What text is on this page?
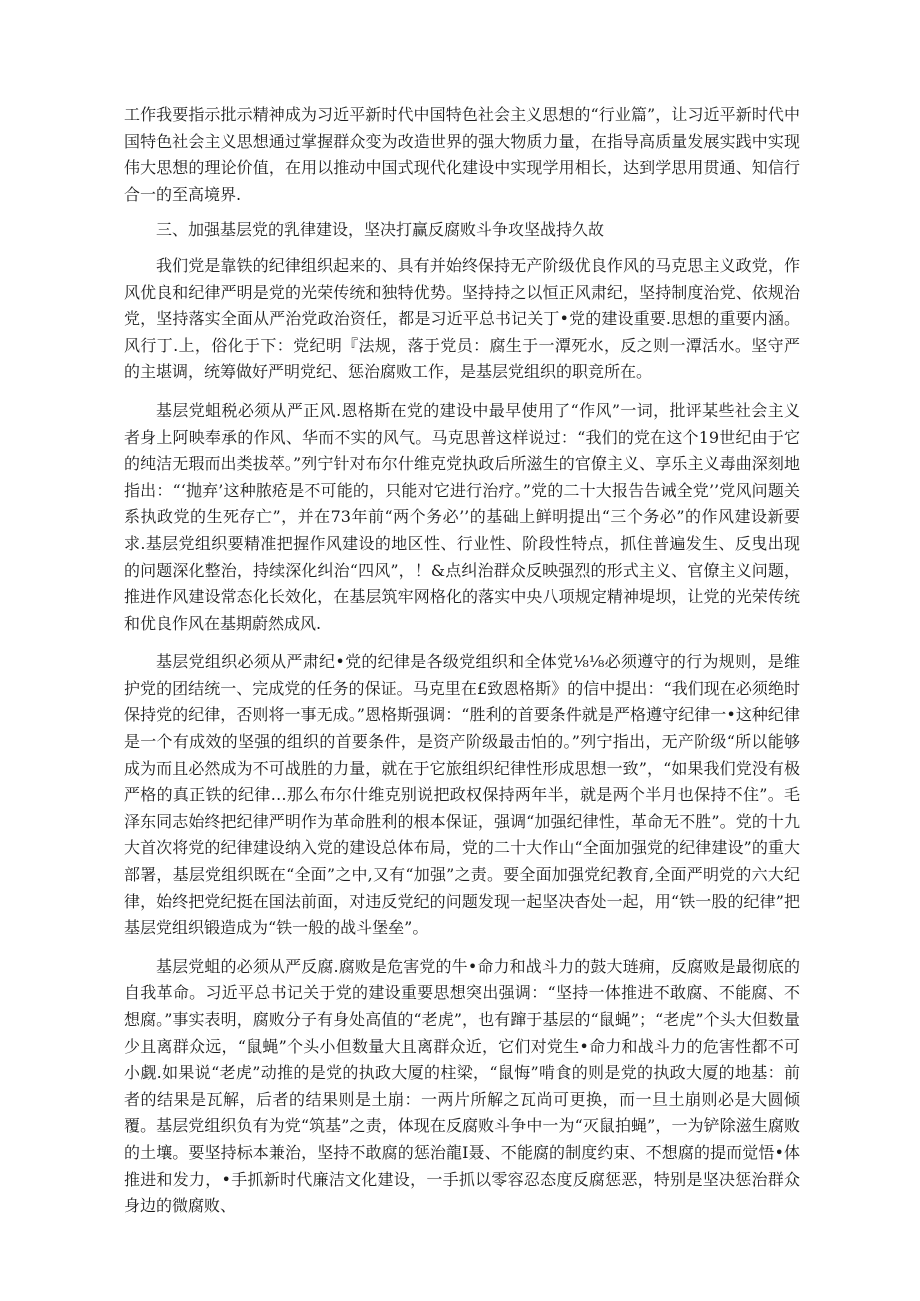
工作我要指示批示精神成为习近平新时代中国特色社会主义思想的“行业篇”，让习近平新时代中国特色社会主义思想通过掌握群众变为改造世界的强大物质力量，在指导高质量发展实践中实现伟大思想的理论价值，在用以推动中国式现代化建设中实现学用相长，达到学思用贯通、知信行合一的至高境界.

三、加强基层党的乳律建设，坚决打赢反腐败斗争攻坚战持久故

我们党是靠铁的纪律组织起来的、具有并始终保持无产阶级优良作风的马克思主义政党，作风优良和纪律严明是党的光荣传统和独特优势。坚持持之以恒正风肃纪，坚持制度治党、依规治党，坚持落实全面从严治党政治资任，都是习近平总书记关丁•党的建设重要.思想的重要内涵。风行丁.上，俗化于下：党纪明『法规，落于党员：腐生于一潭死水，反之则一潭活水。坚守严的主堪调，统筹做好严明党纪、惩治腐败工作，是基层党组织的职竞所在。

基层党蛆税必须从严正风.恩格斯在党的建设中最早使用了“作风”一词，批评某些社会主义者身上阿映奉承的作风、华而不实的风气。马克思普这样说过：“我们的党在这个19世纪由于它的纯洁无瑕而出类拔萃。”列宁针对布尔什维克党执政后所滋生的官僚主义、享乐主义毒曲深刻地指出：“‘抛弃’这种脓疮是不可能的，只能对它进行治疗。”党的二十大报告告诫全党’’党风问题关系执政党的生死存亡”，并在73年前“两个务必’’的基础上鲜明提出“三个务必”的作风建设新要求.基层党组织要精准把握作风建设的地区性、行业性、阶段性特点，抓住普遍发生、反曳出现的问题深化整治，持续深化纠治“四风”，！&点纠治群众反映强烈的形式主义、官僚主义问题，推进作风建设常态化长效化，在基层筑牢网格化的落实中央八项规定精神堤坝，让党的光荣传统和优良作风在基期蔚然成风.

基层党组织必须从严肃纪•党的纪律是各级党组织和全体党⅛⅛必须遵守的行为规则，是维护党的团结统一、完成党的任务的保证。马克里在£致恩格斯》的信中提出：“我们现在必须绝时保持党的纪律，否则将一事无成。”恩格斯强调：“胜利的首要条件就是严格遵守纪律一•这种纪律是一个有成效的坚强的组织的首要条件，是资产阶级最击怕的。”列宁指出，无产阶级“所以能够成为而且必然成为不可战胜的力量，就在于它旅组织纪律性形成思想一致”，“如果我们党没有极严格的真正铁的纪律…那么布尔什维克别说把政权保持两年半，就是两个半月也保持不住”。毛泽东同志始终把纪律严明作为革命胜利的根本保证，强调“加强纪律性，革命无不胜”。党的十九大首次将党的纪律建设纳入党的建设总体布局，党的二十大作山“全面加强党的纪律建设”的重大部署，基层党组织既在“全面”之中,又有“加强”之责。要全面加强党纪教育,全面严明党的六大纪律，始终把党纪挺在国法前面，对违反党纪的问题发现一起坚决杳处一起，用“铁一股的纪律”把基层党组织锻造成为“铁一般的战斗堡垒”。

基层党蛆的必须从严反腐.腐败是危害党的牛•命力和战斗力的鼓大琏痈，反腐败是最彻底的自我革命。习近平总书记关于党的建设重要思想突出强调：“坚持一体推进不敢腐、不能腐、不想腐。”事实表明，腐败分子有身处高值的“老虎”，也有蹿于基层的“鼠蝇”；“老虎”个头大但数量少且离群众远，“鼠蝇”个头小但数量大且离群众近，它们对党生•命力和战斗力的危害性都不可小觑.如果说“老虎”动推的是党的执政大厦的柱梁，“鼠悔”啃食的则是党的执政大厦的地基：前者的结果是瓦解，后者的结果则是土崩：一两片所解之瓦尚可更换，而一旦土崩则必是大圆倾覆。基层党组织负有为党“筑基”之责，体现在反腐败斗争中一为“灭鼠拍蝇”，一为铲除滋生腐败的土壤。要坚持标本兼治，坚持不敢腐的惩治龍Ι聂、不能腐的制度约束、不想腐的提而觉悟•体推进和发力，•手抓新时代廉洁文化建设，一手抓以零容忍态度反腐惩恶，特别是坚决惩治群众身边的微腐败、
